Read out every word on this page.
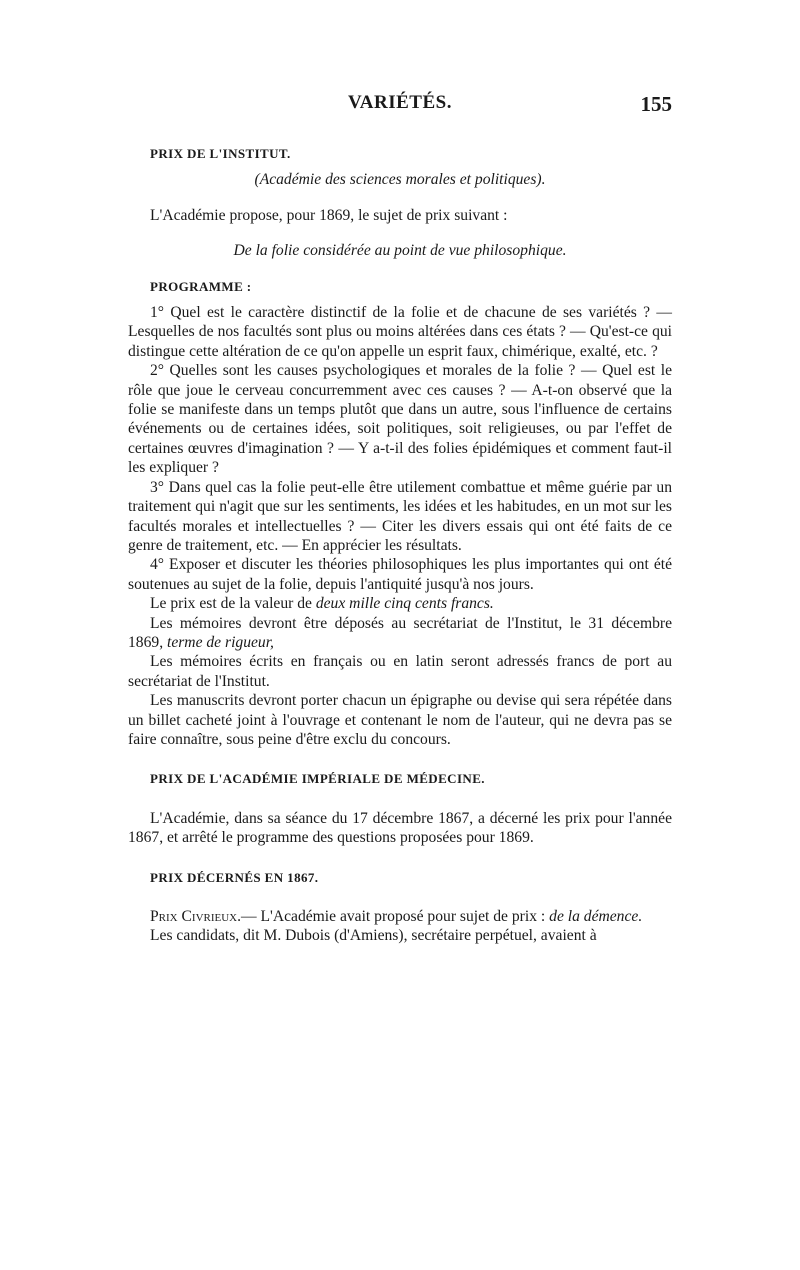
VARIÉTÉS.	155

PRIX DE L'INSTITUT.

(Académie des sciences morales et politiques).

L'Académie propose, pour 1869, le sujet de prix suivant :

De la folie considérée au point de vue philosophique.

PROGRAMME :

1° Quel est le caractère distinctif de la folie et de chacune de ses variétés ? — Lesquelles de nos facultés sont plus ou moins altérées dans ces états ? — Qu'est-ce qui distingue cette altération de ce qu'on appelle un esprit faux, chimérique, exalté, etc. ?

2° Quelles sont les causes psychologiques et morales de la folie ? — Quel est le rôle que joue le cerveau concurremment avec ces causes ? — A-t-on observé que la folie se manifeste dans un temps plutôt que dans un autre, sous l'influence de certains événements ou de certaines idées, soit politiques, soit religieuses, ou par l'effet de certaines œuvres d'imagination ? — Y a-t-il des folies épidémiques et comment faut-il les expliquer ?

3° Dans quel cas la folie peut-elle être utilement combattue et même guérie par un traitement qui n'agit que sur les sentiments, les idées et les habitudes, en un mot sur les facultés morales et intellectuelles ? — Citer les divers essais qui ont été faits de ce genre de traitement, etc. — En apprécier les résultats.

4° Exposer et discuter les théories philosophiques les plus importantes qui ont été soutenues au sujet de la folie, depuis l'antiquité jusqu'à nos jours.

Le prix est de la valeur de deux mille cinq cents francs.

Les mémoires devront être déposés au secrétariat de l'Institut, le 31 décembre 1869, terme de rigueur,

Les mémoires écrits en français ou en latin seront adressés francs de port au secrétariat de l'Institut.

Les manuscrits devront porter chacun un épigraphe ou devise qui sera répétée dans un billet cacheté joint à l'ouvrage et contenant le nom de l'auteur, qui ne devra pas se faire connaître, sous peine d'être exclu du concours.

PRIX DE L'ACADÉMIE IMPÉRIALE DE MÉDECINE.

L'Académie, dans sa séance du 17 décembre 1867, a décerné les prix pour l'année 1867, et arrêté le programme des questions proposées pour 1869.

PRIX DÉCERNÉS EN 1867.

Prix Civrieux.— L'Académie avait proposé pour sujet de prix : de la démence.

Les candidats, dit M. Dubois (d'Amiens), secrétaire perpétuel, avaient à
